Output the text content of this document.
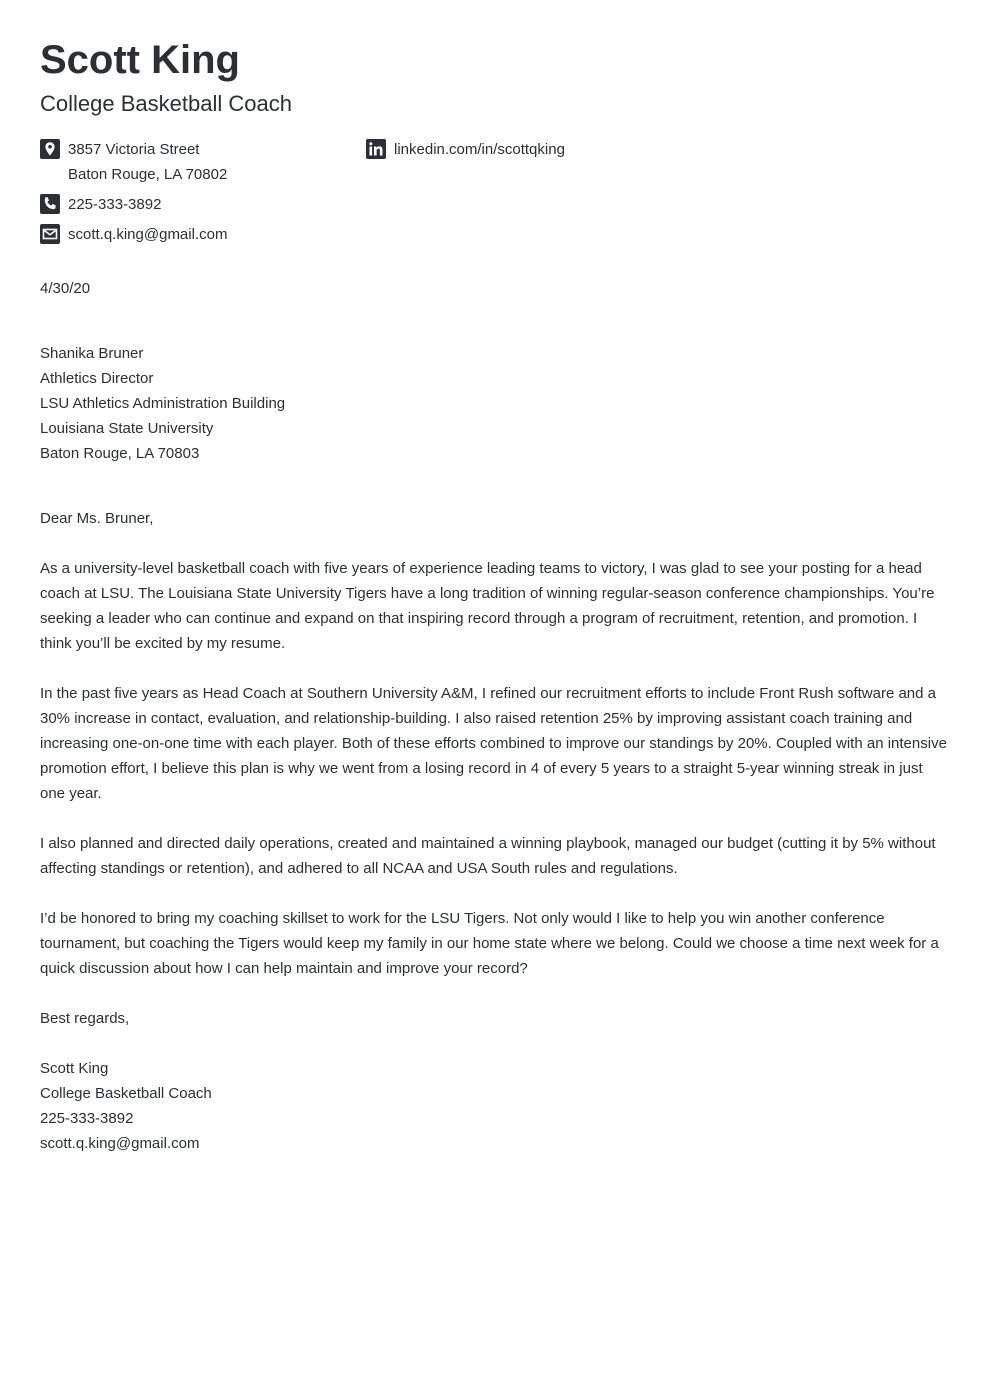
Scott King
College Basketball Coach
3857 Victoria Street
Baton Rouge, LA 70802
225-333-3892
scott.q.king@gmail.com
linkedin.com/in/scottqking
4/30/20
Shanika Bruner
Athletics Director
LSU Athletics Administration Building
Louisiana State University
Baton Rouge, LA 70803

Dear Ms. Bruner,

As a university-level basketball coach with five years of experience leading teams to victory, I was glad to see your posting for a head coach at LSU. The Louisiana State University Tigers have a long tradition of winning regular-season conference championships. You’re seeking a leader who can continue and expand on that inspiring record through a program of recruitment, retention, and promotion. I think you’ll be excited by my resume.

In the past five years as Head Coach at Southern University A&M, I refined our recruitment efforts to include Front Rush software and a 30% increase in contact, evaluation, and relationship-building. I also raised retention 25% by improving assistant coach training and increasing one-on-one time with each player. Both of these efforts combined to improve our standings by 20%. Coupled with an intensive promotion effort, I believe this plan is why we went from a losing record in 4 of every 5 years to a straight 5-year winning streak in just one year.

I also planned and directed daily operations, created and maintained a winning playbook, managed our budget (cutting it by 5% without affecting standings or retention), and adhered to all NCAA and USA South rules and regulations.

I’d be honored to bring my coaching skillset to work for the LSU Tigers. Not only would I like to help you win another conference tournament, but coaching the Tigers would keep my family in our home state where we belong. Could we choose a time next week for a quick discussion about how I can help maintain and improve your record?

Best regards,

Scott King
College Basketball Coach
225-333-3892
scott.q.king@gmail.com
